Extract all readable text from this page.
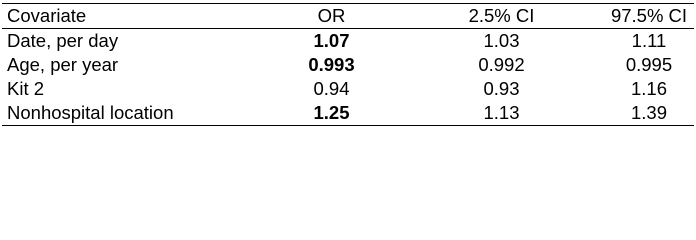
Covariate	OR	2.5% CI	97.5% CI
Date, per day	1.07	1.03	1.11
Age, per year	0.993	0.992	0.995
Kit 2	0.94	0.93	1.16
Nonhospital location	1.25	1.13	1.39
